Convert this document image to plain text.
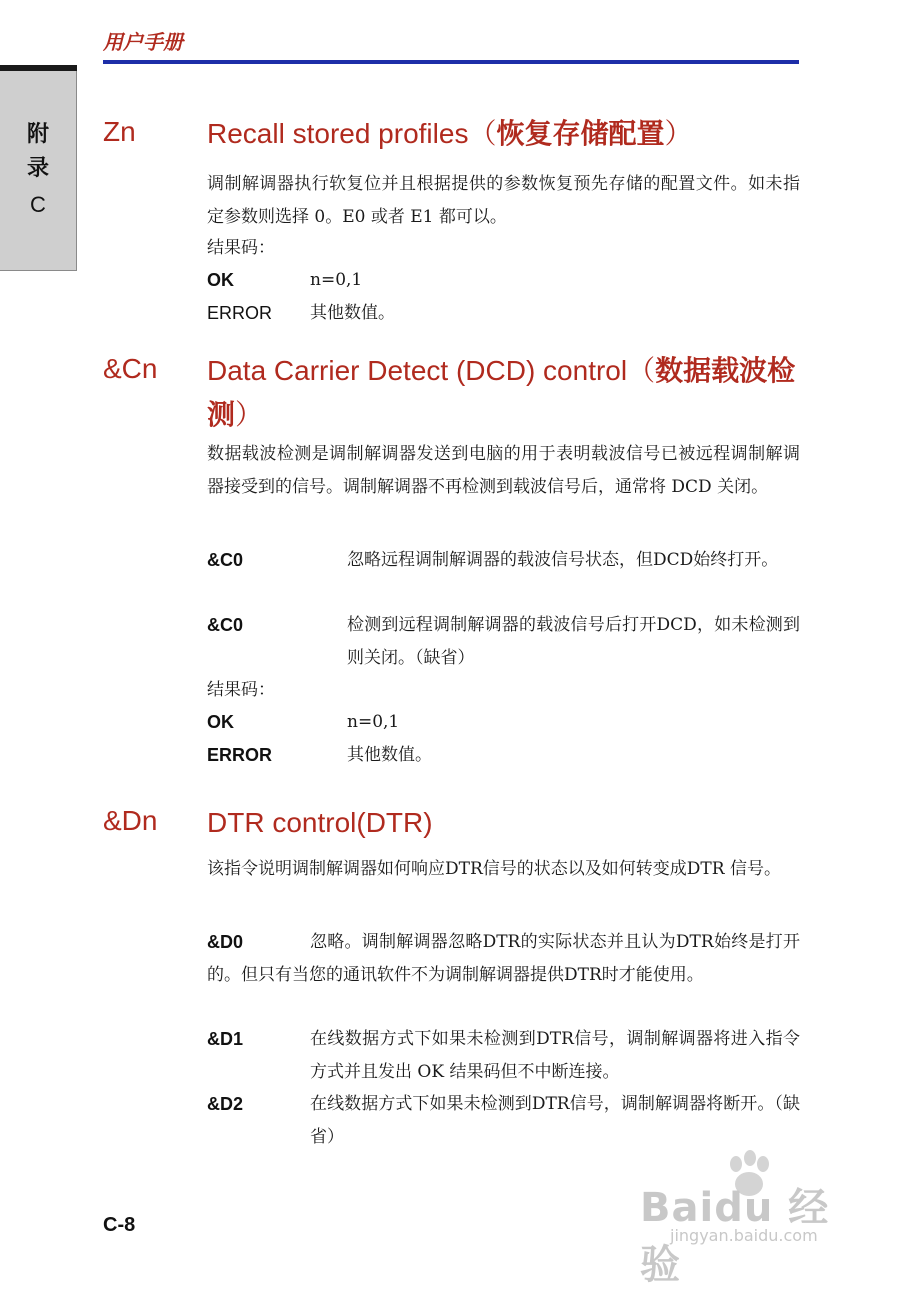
用户手册
附
录
C
Zn	Recall stored profiles（恢复存储配置）
调制解调器执行软复位并且根据提供的参数恢复预先存储的配置文件。如未指定参数则选择 0。E0 或者 E1 都可以。
结果码：
OK	n=0,1
ERROR 其他数值。
&Cn Data Carrier Detect (DCD) control（数据载波检测）
数据载波检测是调制解调器发送到电脑的用于表明载波信号已被远程调制解调器接受到的信号。调制解调器不再检测到载波信号后，通常将 DCD 关闭。
&C0	忽略远程调制解调器的载波信号状态，但DCD始终打开。
&C0	检测到远程调制解调器的载波信号后打开DCD，如未检测到则关闭。（缺省）
结果码：
OK	n=0,1
ERROR	其他数值。
&Dn DTR control(DTR)
该指令说明调制解调器如何响应DTR信号的状态以及如何转变成DTR 信号。
&D0	忽略。调制解调器忽略DTR的实际状态并且认为DTR始终是打开的。但只有当您的通讯软件不为调制解调器提供DTR时才能使用。
&D1	在线数据方式下如果未检测到DTR信号，调制解调器将进入指令方式并且发出 OK 结果码但不中断连接。
&D2	在线数据方式下如果未检测到DTR信号，调制解调器将断开。（缺省）
C-8	Baidu 经验
jingyan.baidu.com
